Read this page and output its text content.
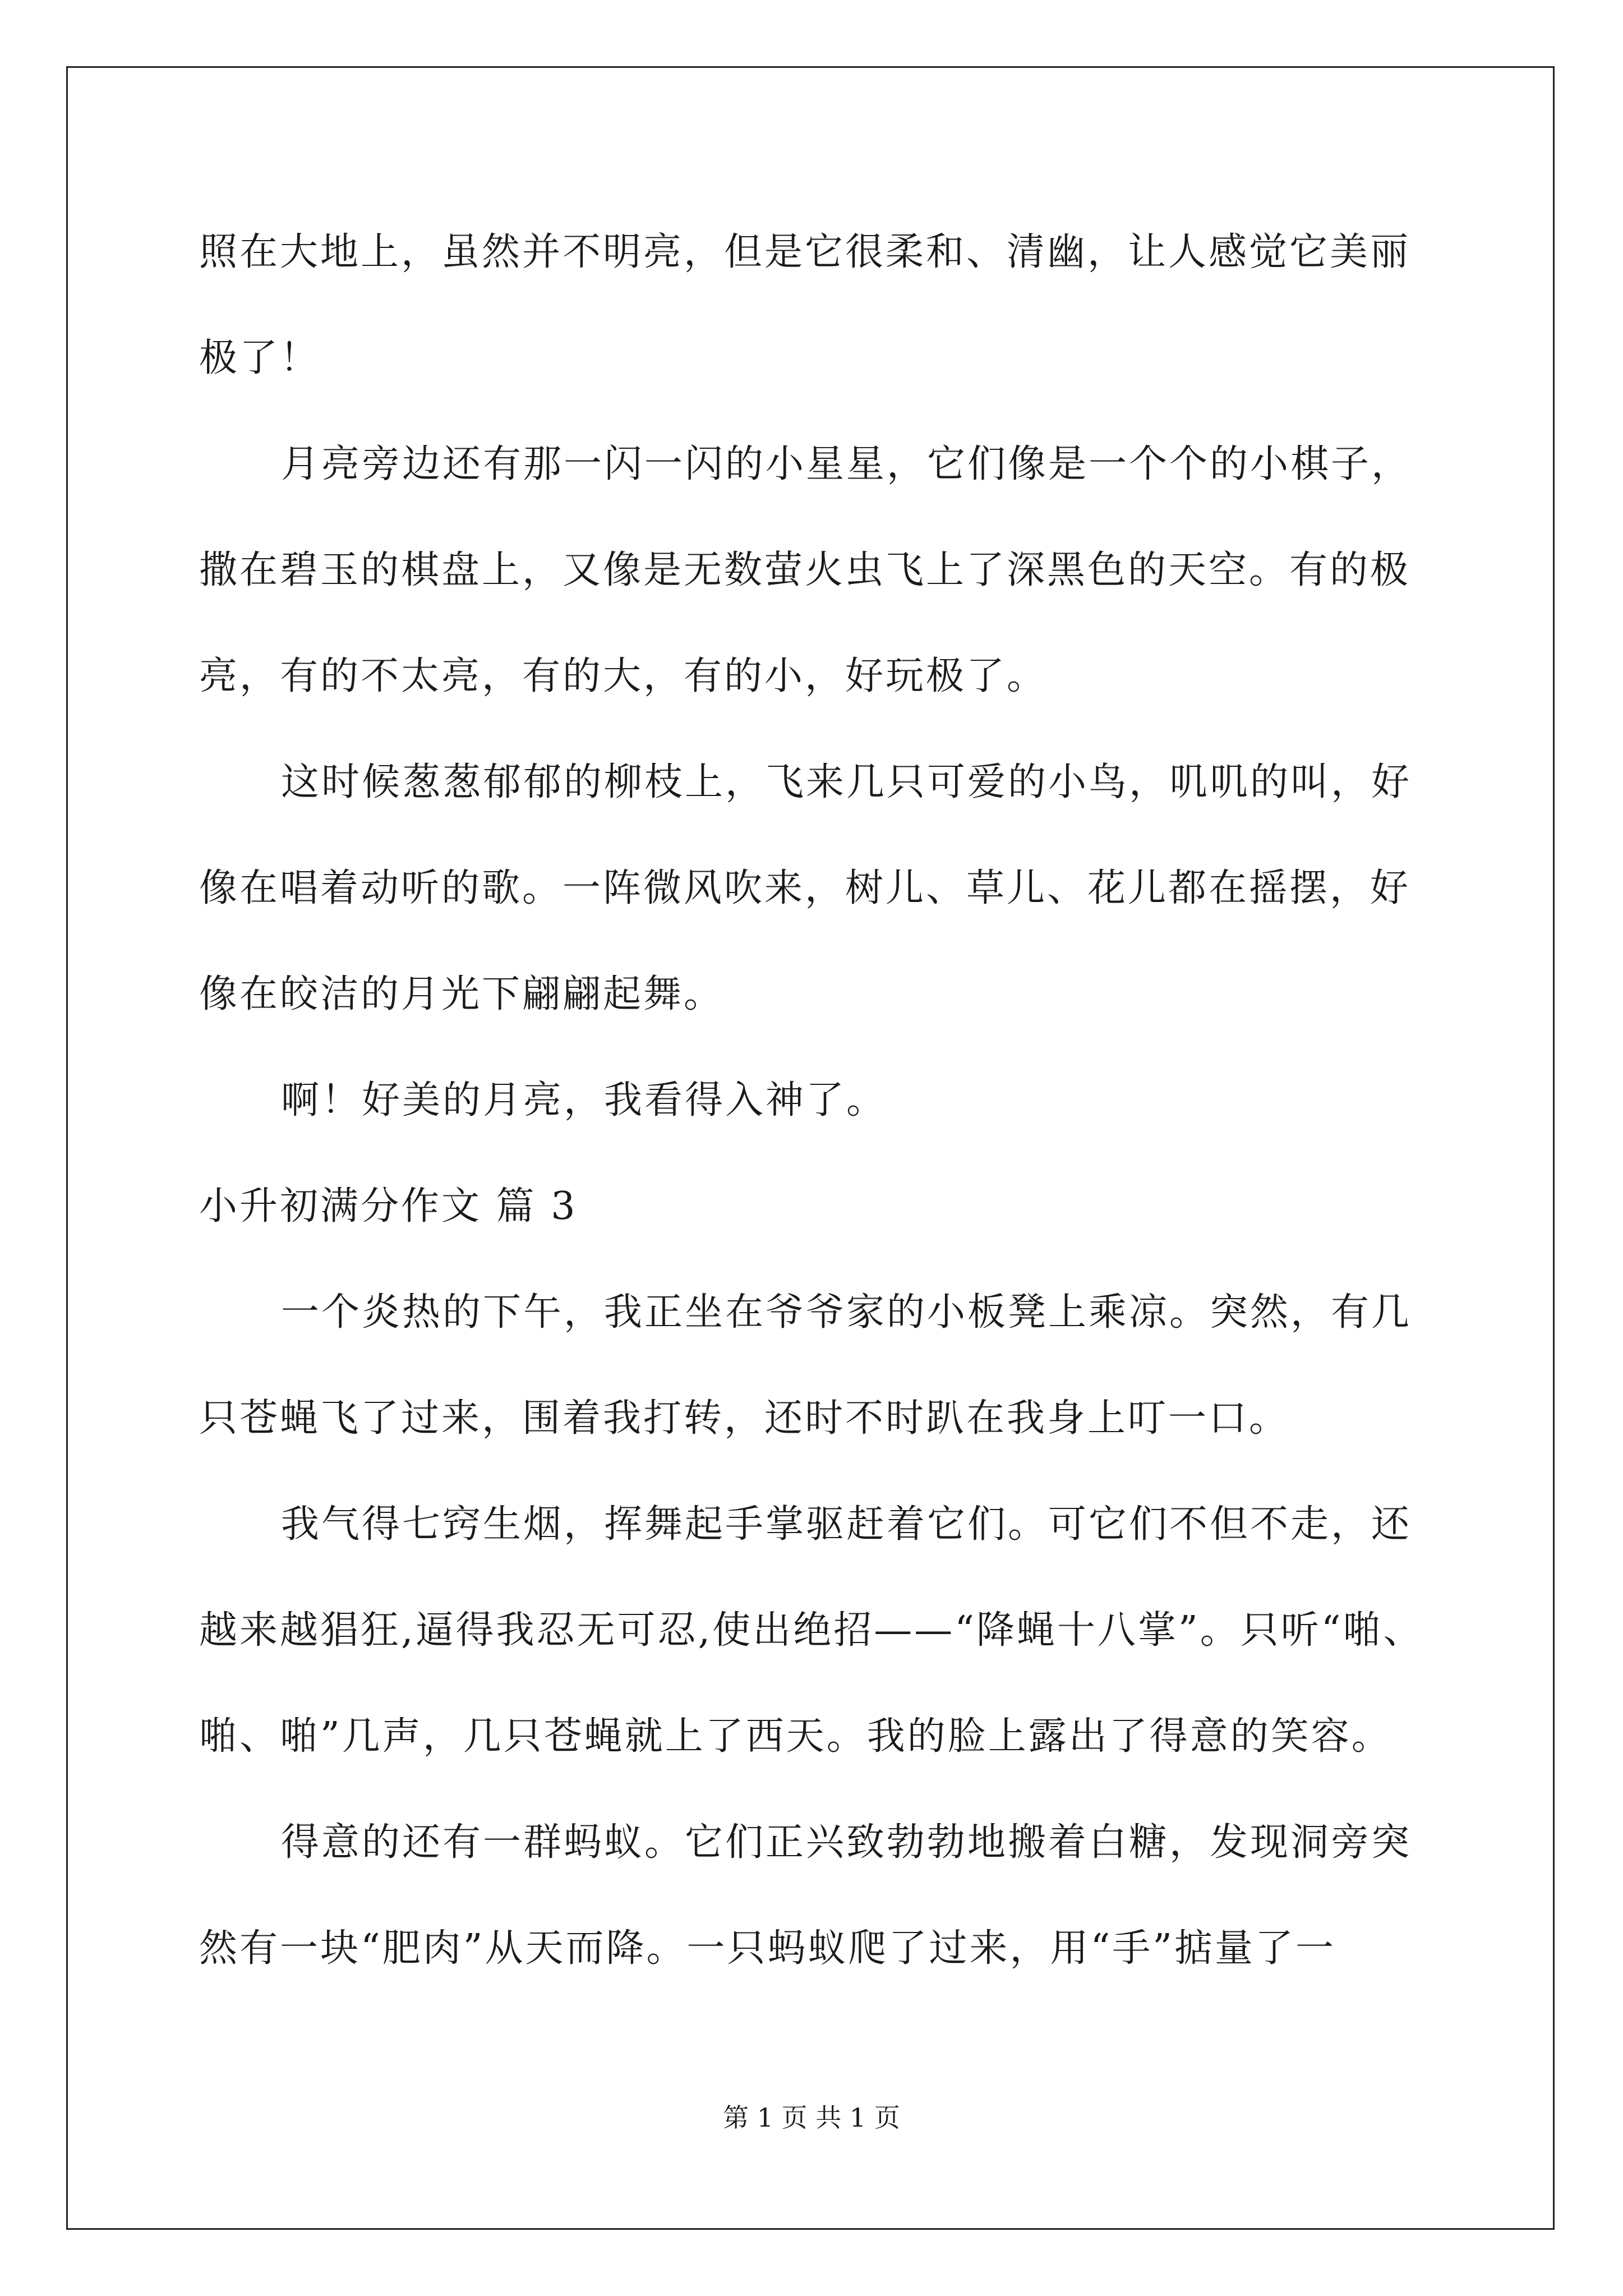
照在大地上，虽然并不明亮，但是它很柔和、清幽，让人感觉它美丽
极了！
月亮旁边还有那一闪一闪的小星星，它们像是一个个的小棋子，
撒在碧玉的棋盘上，又像是无数萤火虫飞上了深黑色的天空。有的极
亮，有的不太亮，有的大，有的小，好玩极了。
这时候葱葱郁郁的柳枝上，飞来几只可爱的小鸟，叽叽的叫，好
像在唱着动听的歌。一阵微风吹来，树儿、草儿、花儿都在摇摆，好
像在皎洁的月光下翩翩起舞。
啊！好美的月亮，我看得入神了。
小升初满分作文 篇 3
一个炎热的下午，我正坐在爷爷家的小板凳上乘凉。突然，有几
只苍蝇飞了过来，围着我打转，还时不时趴在我身上叮一口。
我气得七窍生烟，挥舞起手掌驱赶着它们。可它们不但不走，还
越来越猖狂,逼得我忍无可忍,使出绝招——“降蝇十八掌”。只听“啪、
啪、啪”几声，几只苍蝇就上了西天。我的脸上露出了得意的笑容。
得意的还有一群蚂蚁。它们正兴致勃勃地搬着白糖，发现洞旁突
然有一块“肥肉”从天而降。一只蚂蚁爬了过来，用“手”掂量了一
第 1 页 共 1 页
